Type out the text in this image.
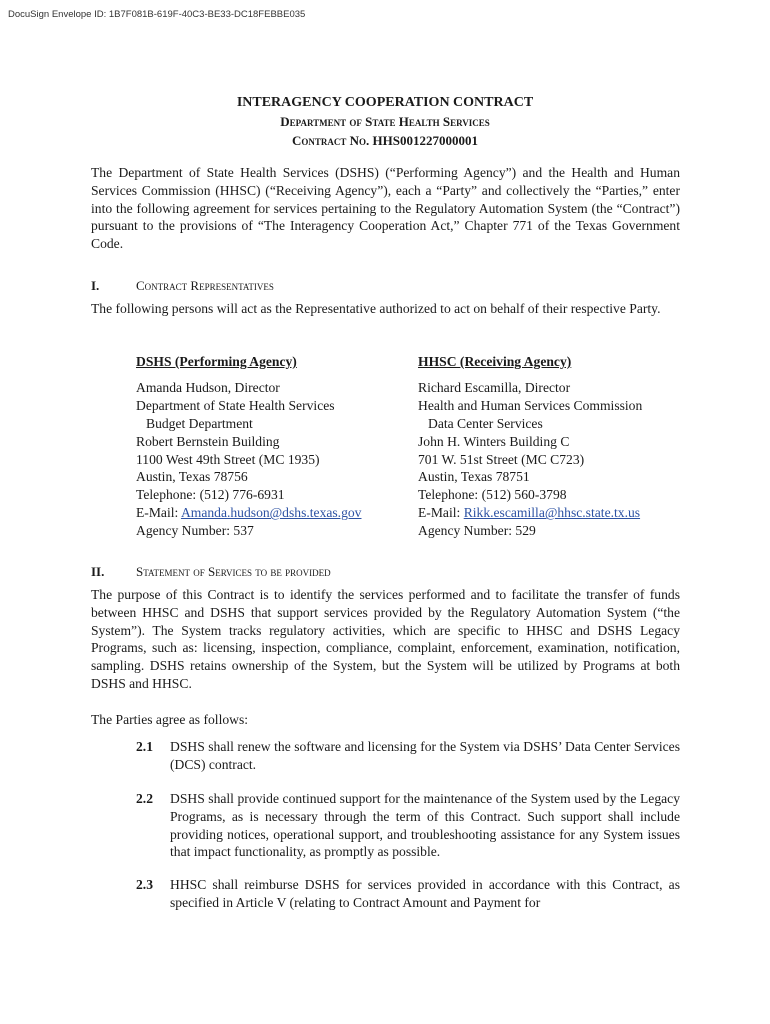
DocuSign Envelope ID: 1B7F081B-619F-40C3-BE33-DC18FEBBE035
INTERAGENCY COOPERATION CONTRACT
Department of State Health Services
Contract No. HHS001227000001

The Department of State Health Services (DSHS) (“Performing Agency”) and the Health and Human Services Commission (HHSC) (“Receiving Agency”), each a “Party” and collectively the “Parties,” enter into the following agreement for services pertaining to the Regulatory Automation System (the “Contract”) pursuant to the provisions of “The Interagency Cooperation Act,” Chapter 771 of the Texas Government Code.

I.	Contract Representatives

The following persons will act as the Representative authorized to act on behalf of their respective Party.

DSHS (Performing Agency)
Amanda Hudson, Director
Department of State Health Services
Budget Department
Robert Bernstein Building
1100 West 49th Street (MC 1935)
Austin, Texas 78756
Telephone: (512) 776-6931
E-Mail: Amanda.hudson@dshs.texas.gov
Agency Number: 537
HHSC (Receiving Agency)
Richard Escamilla, Director
Health and Human Services Commission
Data Center Services
John H. Winters Building C
701 W. 51st Street (MC C723)
Austin, Texas 78751
Telephone: (512) 560-3798
E-Mail: Rikk.escamilla@hhsc.state.tx.us
Agency Number: 529
II. Statement of Services to be provided

The purpose of this Contract is to identify the services performed and to facilitate the transfer of funds between HHSC and DSHS that support services provided by the Regulatory Automation System (“the System”). The System tracks regulatory activities, which are specific to HHSC and DSHS Legacy Programs, such as: licensing, inspection, compliance, complaint, enforcement, examination, notification, sampling. DSHS retains ownership of the System, but the System will be utilized by Programs at both DSHS and HHSC.

The Parties agree as follows:

2.1 DSHS shall renew the software and licensing for the System via DSHS’ Data Center Services (DCS) contract.
2.2 DSHS shall provide continued support for the maintenance of the System used by the Legacy Programs, as is necessary through the term of this Contract. Such support shall include providing notices, operational support, and troubleshooting assistance for any System issues that impact functionality, as promptly as possible.
2.3 HHSC shall reimburse DSHS for services provided in accordance with this Contract, as specified in Article V (relating to Contract Amount and Payment for
